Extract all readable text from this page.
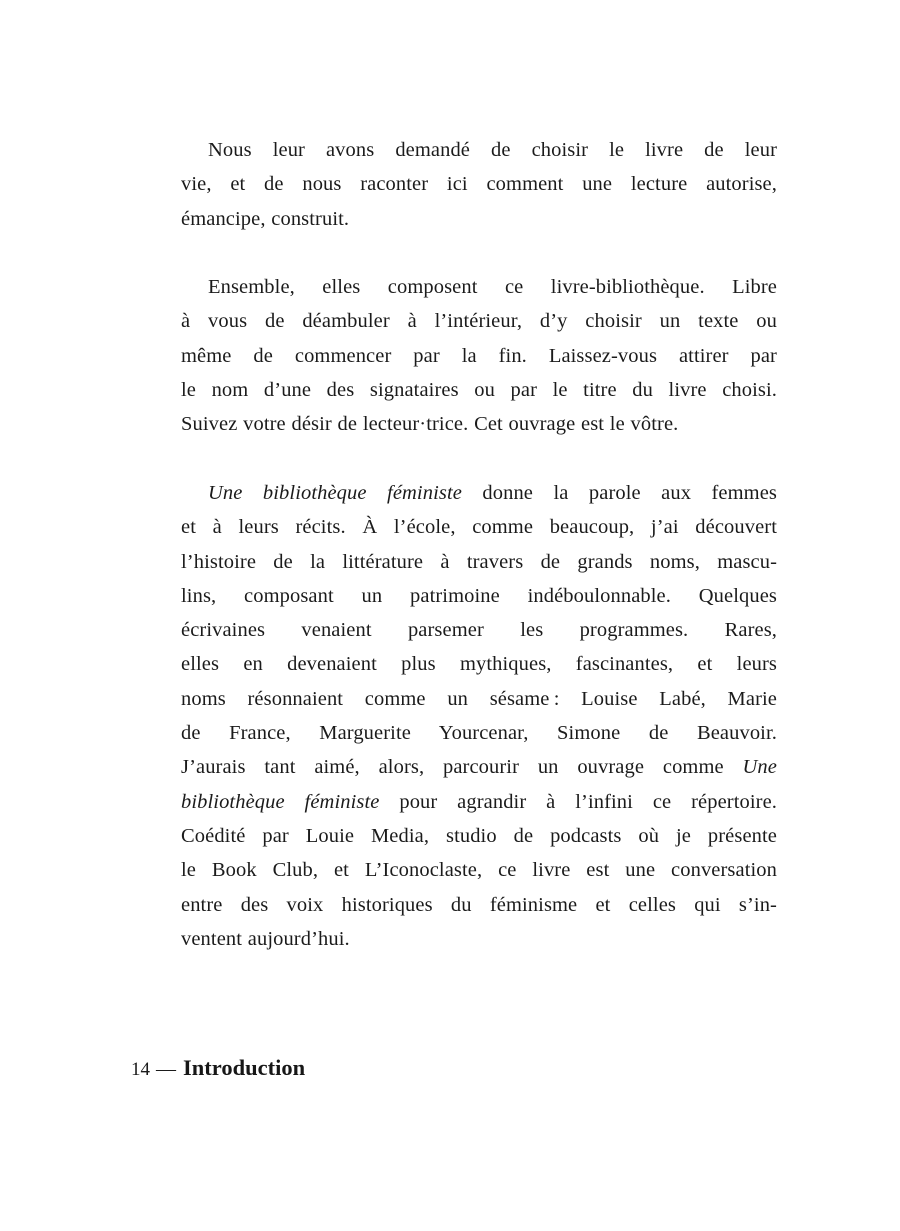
Nous leur avons demandé de choisir le livre de leur
vie, et de nous raconter ici comment une lecture autorise,
émancipe, construit.
Ensemble, elles composent ce livre-bibliothèque. Libre
à vous de déambuler à l’intérieur, d’y choisir un texte ou
même de commencer par la fin. Laissez-vous attirer par
le nom d’une des signataires ou par le titre du livre choisi.
Suivez votre désir de lecteur·trice. Cet ouvrage est le vôtre.
Une bibliothèque féministe donne la parole aux femmes
et à leurs récits. À l’école, comme beaucoup, j’ai découvert
l’histoire de la littérature à travers de grands noms, mascu-
lins, composant un patrimoine indéboulonnable. Quelques
écrivaines venaient parsemer les programmes. Rares,
elles en devenaient plus mythiques, fascinantes, et leurs
noms résonnaient comme un sésame : Louise Labé, Marie
de France, Marguerite Yourcenar, Simone de Beauvoir.
J’aurais tant aimé, alors, parcourir un ouvrage comme Une
bibliothèque féministe pour agrandir à l’infini ce répertoire.
Coédité par Louie Media, studio de podcasts où je présente
le Book Club, et L’Iconoclaste, ce livre est une conversation
entre des voix historiques du féminisme et celles qui s’in-
ventent aujourd’hui.
14 — Introduction
